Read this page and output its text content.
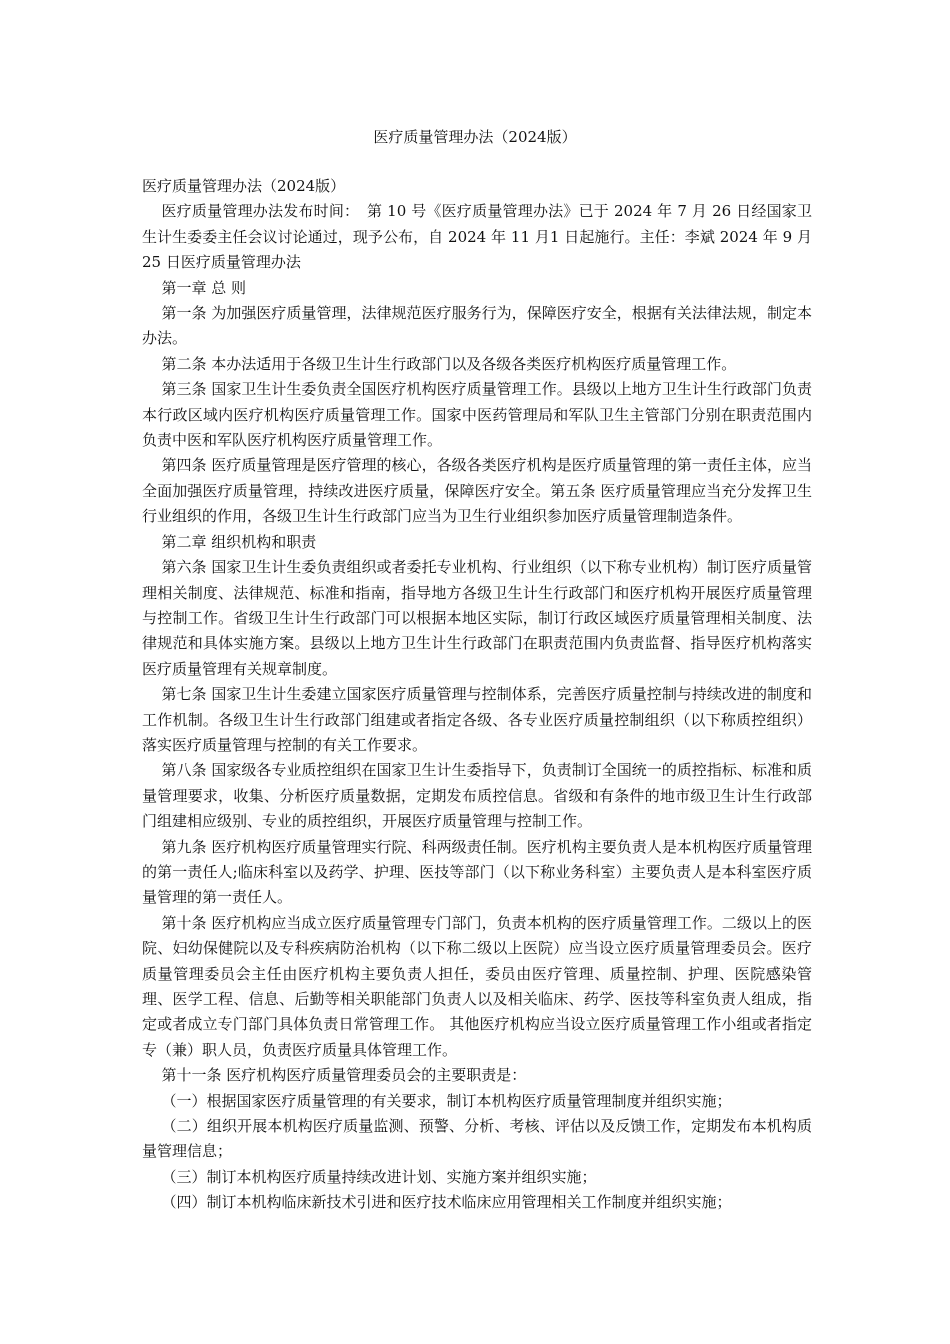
医疗质量管理办法（2024版）

医疗质量管理办法（2024版）

医疗质量管理办法发布时间：　第 10 号《医疗质量管理办法》已于 2024 年 7 月 26 日经国家卫生计生委委主任会议讨论通过，现予公布，自 2024 年 11 月1 日起施行。主任：李斌 2024 年 9 月 25 日医疗质量管理办法

第一章 总 则

第一条 为加强医疗质量管理，法律规范医疗服务行为，保障医疗安全，根据有关法律法规，制定本办法。

第二条 本办法适用于各级卫生计生行政部门以及各级各类医疗机构医疗质量管理工作。

第三条 国家卫生计生委负责全国医疗机构医疗质量管理工作。县级以上地方卫生计生行政部门负责本行政区域内医疗机构医疗质量管理工作。国家中医药管理局和军队卫生主管部门分别在职责范围内负责中医和军队医疗机构医疗质量管理工作。

第四条 医疗质量管理是医疗管理的核心，各级各类医疗机构是医疗质量管理的第一责任主体，应当全面加强医疗质量管理，持续改进医疗质量，保障医疗安全。第五条 医疗质量管理应当充分发挥卫生行业组织的作用，各级卫生计生行政部门应当为卫生行业组织参加医疗质量管理制造条件。

第二章 组织机构和职责

第六条 国家卫生计生委负责组织或者委托专业机构、行业组织（以下称专业机构）制订医疗质量管理相关制度、法律规范、标准和指南，指导地方各级卫生计生行政部门和医疗机构开展医疗质量管理与控制工作。省级卫生计生行政部门可以根据本地区实际，制订行政区域医疗质量管理相关制度、法律规范和具体实施方案。县级以上地方卫生计生行政部门在职责范围内负责监督、指导医疗机构落实医疗质量管理有关规章制度。

第七条 国家卫生计生委建立国家医疗质量管理与控制体系，完善医疗质量控制与持续改进的制度和工作机制。各级卫生计生行政部门组建或者指定各级、各专业医疗质量控制组织（以下称质控组织）落实医疗质量管理与控制的有关工作要求。

第八条 国家级各专业质控组织在国家卫生计生委指导下，负责制订全国统一的质控指标、标准和质量管理要求，收集、分析医疗质量数据，定期发布质控信息。省级和有条件的地市级卫生计生行政部门组建相应级别、专业的质控组织，开展医疗质量管理与控制工作。

第九条 医疗机构医疗质量管理实行院、科两级责任制。医疗机构主要负责人是本机构医疗质量管理的第一责任人;临床科室以及药学、护理、医技等部门（以下称业务科室）主要负责人是本科室医疗质量管理的第一责任人。

第十条 医疗机构应当成立医疗质量管理专门部门，负责本机构的医疗质量管理工作。二级以上的医院、妇幼保健院以及专科疾病防治机构（以下称二级以上医院）应当设立医疗质量管理委员会。医疗质量管理委员会主任由医疗机构主要负责人担任，委员由医疗管理、质量控制、护理、医院感染管理、医学工程、信息、后勤等相关职能部门负责人以及相关临床、药学、医技等科室负责人组成，指定或者成立专门部门具体负责日常管理工作。 其他医疗机构应当设立医疗质量管理工作小组或者指定专（兼）职人员，负责医疗质量具体管理工作。

第十一条 医疗机构医疗质量管理委员会的主要职责是：

（一）根据国家医疗质量管理的有关要求，制订本机构医疗质量管理制度并组织实施；

（二）组织开展本机构医疗质量监测、预警、分析、考核、评估以及反馈工作，定期发布本机构质量管理信息；

（三）制订本机构医疗质量持续改进计划、实施方案并组织实施；

（四）制订本机构临床新技术引进和医疗技术临床应用管理相关工作制度并组织实施；
